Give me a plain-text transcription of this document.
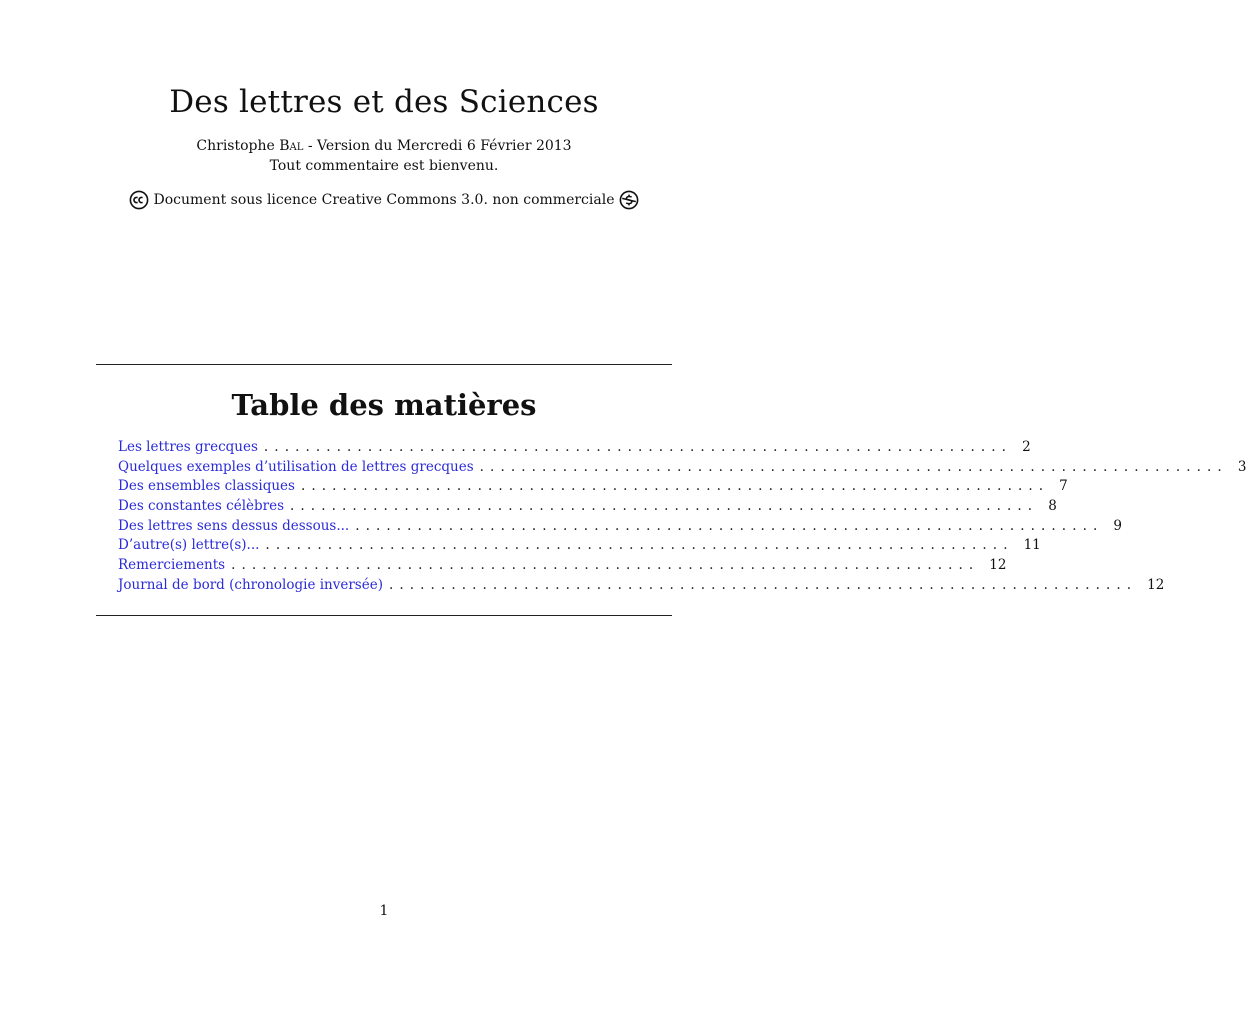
Des lettres et des Sciences
Christophe Bal - Version du Mercredi 6 Février 2013
Tout commentaire est bienvenu.
Document sous licence Creative Commons 3.0. non commerciale
Table des matières
Les lettres grecques ........................................................................ 2
Quelques exemples d’utilisation de lettres grecques ........................................................................ 3
Des ensembles classiques ........................................................................ 7
Des constantes célèbres ........................................................................ 8
Des lettres sens dessus dessous... ........................................................................ 9
D’autre(s) lettre(s)... ........................................................................ 11
Remerciements ........................................................................ 12
Journal de bord (chronologie inversée) ........................................................................ 12
1
